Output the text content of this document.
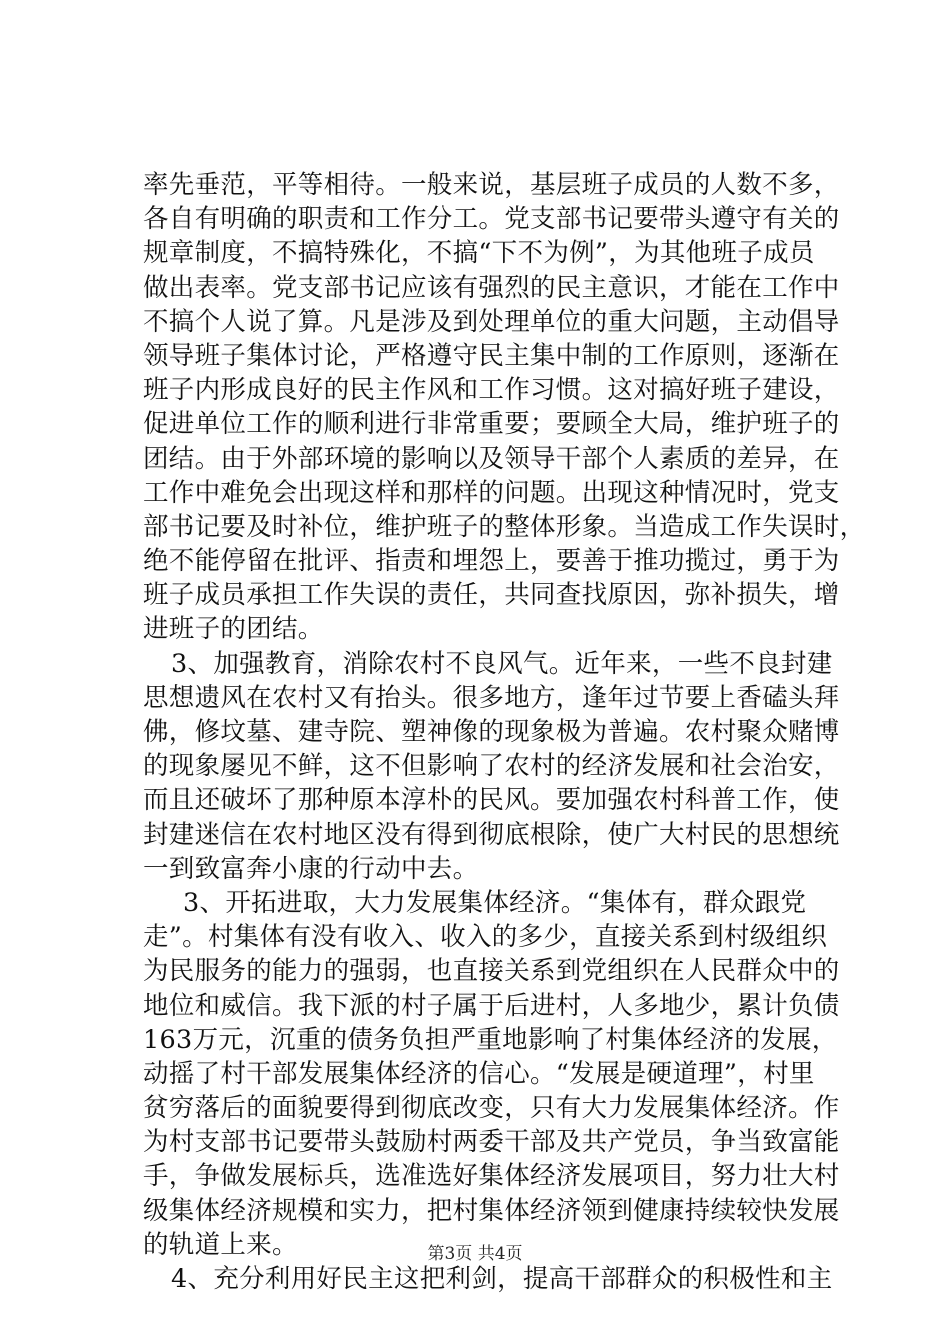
率先垂范，平等相待。一般来说，基层班子成员的人数不多，
各自有明确的职责和工作分工。党支部书记要带头遵守有关的
规章制度，不搞特殊化，不搞“下不为例”，为其他班子成员
做出表率。党支部书记应该有强烈的民主意识，才能在工作中
不搞个人说了算。凡是涉及到处理单位的重大问题，主动倡导
领导班子集体讨论，严格遵守民主集中制的工作原则，逐渐在
班子内形成良好的民主作风和工作习惯。这对搞好班子建设，
促进单位工作的顺利进行非常重要；要顾全大局，维护班子的
团结。由于外部环境的影响以及领导干部个人素质的差异，在
工作中难免会出现这样和那样的问题。出现这种情况时，党支
部书记要及时补位，维护班子的整体形象。当造成工作失误时，
绝不能停留在批评、指责和埋怨上，要善于推功揽过，勇于为
班子成员承担工作失误的责任，共同查找原因，弥补损失，增
进班子的团结。
3、加强教育，消除农村不良风气。近年来，一些不良封建
思想遗风在农村又有抬头。很多地方，逢年过节要上香磕头拜
佛，修坟墓、建寺院、塑神像的现象极为普遍。农村聚众赌博
的现象屡见不鲜，这不但影响了农村的经济发展和社会治安，
而且还破坏了那种原本淳朴的民风。要加强农村科普工作，使
封建迷信在农村地区没有得到彻底根除，使广大村民的思想统
一到致富奔小康的行动中去。
3、开拓进取，大力发展集体经济。“集体有，群众跟党
走”。村集体有没有收入、收入的多少，直接关系到村级组织
为民服务的能力的强弱，也直接关系到党组织在人民群众中的
地位和威信。我下派的村子属于后进村，人多地少，累计负债
163万元，沉重的债务负担严重地影响了村集体经济的发展，
动摇了村干部发展集体经济的信心。“发展是硬道理”，村里
贫穷落后的面貌要得到彻底改变，只有大力发展集体经济。作
为村支部书记要带头鼓励村两委干部及共产党员，争当致富能
手，争做发展标兵，选准选好集体经济发展项目，努力壮大村
级集体经济规模和实力，把村集体经济领到健康持续较快发展
的轨道上来。
4、充分利用好民主这把利剑，提高干部群众的积极性和主
第3页 共4页
